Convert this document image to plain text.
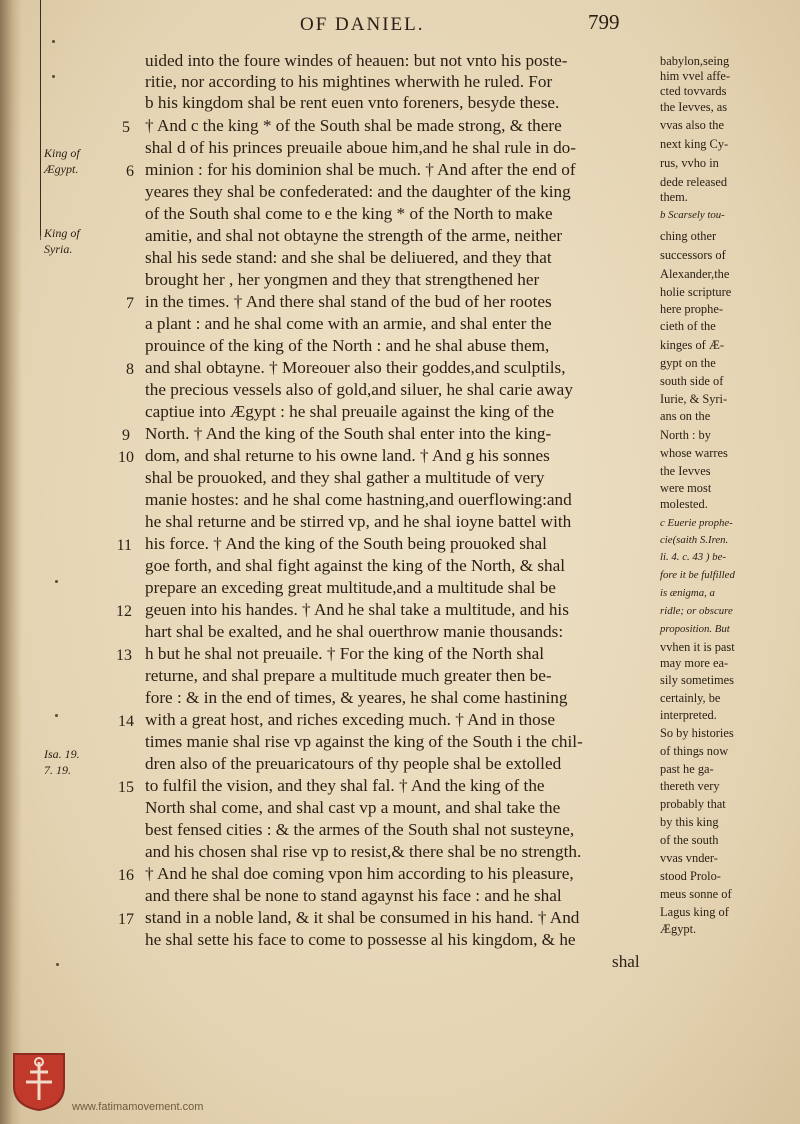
OF DANIEL.	799
uided into the foure windes of heauen: but not vnto his poste-
ritie, nor according to his mightines wherwith he ruled. For
b his kingdom shal be rent euen vnto foreners, besyde these.
† And c the king * of the South shal be made strong, & there
shal d of his princes preuaile aboue him,and he shal rule in do-
minion : for his dominion shal be much. † And after the end of
yeares they shal be confederated: and the daughter of the king
of the South shal come to e the king * of the North to make
amitie, and shal not obtayne the strength of the arme, neither
shal his sede stand: and she shal be deliuered, and they that
brought her , her yongmen and they that strengthened her
in the times. † And there shal stand of the bud of her rootes
a plant : and he shal come with an armie, and shal enter the
prouince of the king of the North : and he shal abuse them,
and shal obtayne. † Moreouer also their goddes,and sculptils,
the precious vessels also of gold,and siluer, he shal carie away
captiue into Ægypt : he shal preuaile against the king of the
North. † And the king of the South shal enter into the king-
dom, and shal returne to his owne land. † And g his sonnes
shal be prouoked, and they shal gather a multitude of very
manie hostes: and he shal come hastning,and ouerflowing:and
he shal returne and be stirred vp, and he shal ioyne battel with
his force. † And the king of the South being prouoked shal
goe forth, and shal fight against the king of the North, & shal
prepare an exceding great multitude,and a multitude shal be
geuen into his handes. † And he shal take a multitude, and his
hart shal be exalted, and he shal ouerthrow manie thousands:
h but he shal not preuaile. † For the king of the North shal
returne, and shal prepare a multitude much greater then be-
fore : & in the end of times, & yeares, he shal come hastining
with a great host, and riches exceding much. † And in those
times manie shal rise vp against the king of the South i the chil-
dren also of the preuaricatours of thy people shal be extolled
to fulfil the vision, and they shal fal. † And the king of the
North shal come, and shal cast vp a mount, and shal take the
best fensed cities : & the armes of the South shal not susteyne,
and his chosen shal rise vp to resist,& there shal be no strength.
† And he shal doe coming vpon him according to his pleasure,
and there shal be none to stand agaynst his face : and he shal
stand in a noble land, & it shal be consumed in his hand. † And
he shal sette his face to come to possesse al his kingdom, & he
shal
5
6
7
8
9
10
11
12
13
14
15
16
17
babylon,seing
him vvel affe-
cted tovvards
the Ievves, as
vvas also the
next king Cy-
rus, vvho in
dede released
them.
b Scarsely tou-
ching other
successors of
Alexander,the
holie scripture
here prophe-
cieth of the
kinges of Æ-
gypt on the
south side of
Iurie, & Syri-
ans on the
North : by
whose warres
the Ievves
were most
molested.
c Euerie prophe-
cie(saith S.Iren.
li. 4. c. 43 ) be-
fore it be fulfilled
is ænigma, a
ridle; or obscure
proposition. But
vvhen it is past
may more ea-
sily sometimes
certainly, be
interpreted.
So by histories
of things now
past he ga-
thereth very
probably that
by this king
of the south
vvas vnder-
stood Prolo-
meus sonne of
Lagus king of
Ægypt.
King of
Ægypt.
King of
Syria.
Isa. 19.
7. 19.
www.fatimamovement.com
